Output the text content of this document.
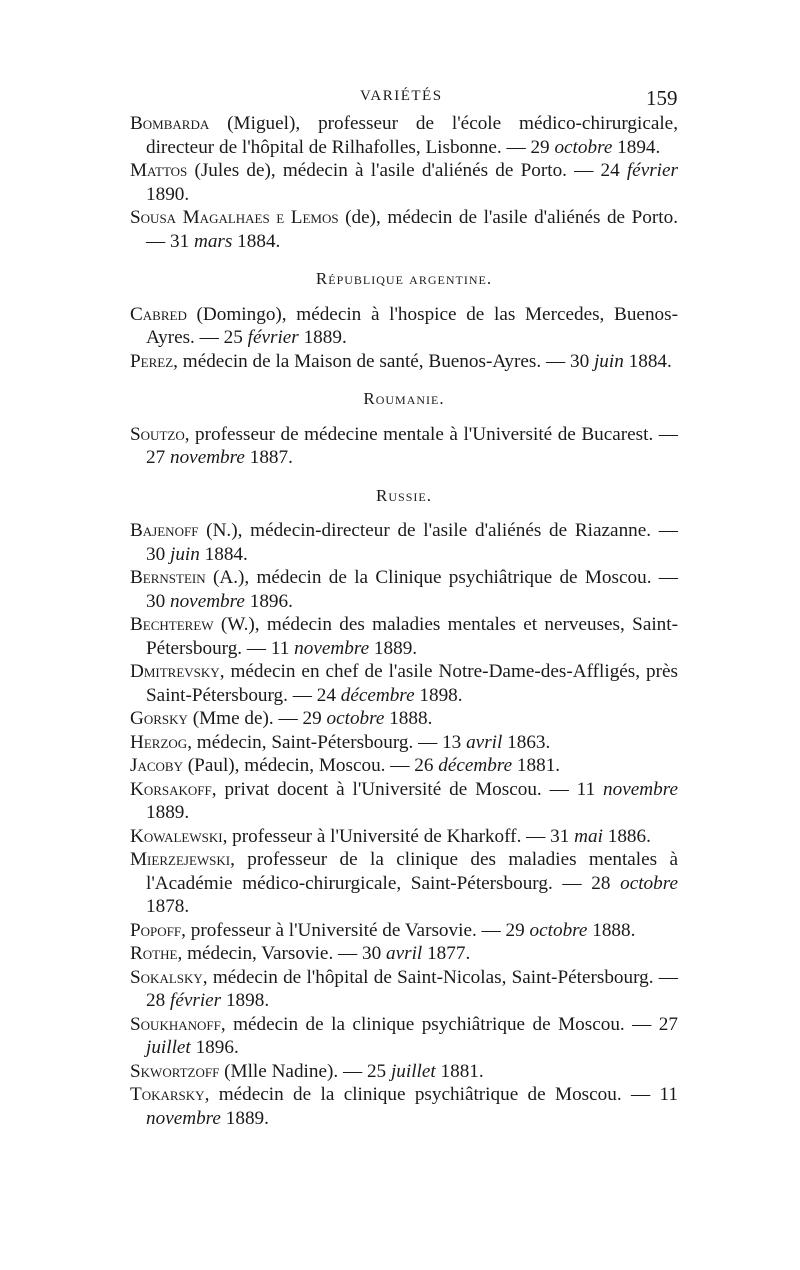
VARIÉTÉS	159

Bombarda (Miguel), professeur de l'école médico-chirurgicale, directeur de l'hôpital de Rilhafolles, Lisbonne. — 29 octobre 1894.

Mattos (Jules de), médecin à l'asile d'aliénés de Porto. — 24 février 1890.

Sousa Magalhaes e Lemos (de), médecin de l'asile d'aliénés de Porto. — 31 mars 1884.

République argentine.

Cabred (Domingo), médecin à l'hospice de las Mercedes, Buenos-Ayres. — 25 février 1889.

Perez, médecin de la Maison de santé, Buenos-Ayres. — 30 juin 1884.

Roumanie.

Soutzo, professeur de médecine mentale à l'Université de Bucarest. — 27 novembre 1887.

Russie.

Bajenoff (N.), médecin-directeur de l'asile d'aliénés de Riazanne. — 30 juin 1884.

Bernstein (A.), médecin de la Clinique psychiâtrique de Moscou. — 30 novembre 1896.

Bechterew (W.), médecin des maladies mentales et nerveuses, Saint-Pétersbourg. — 11 novembre 1889.

Dmitrevsky, médecin en chef de l'asile Notre-Dame-des-Affligés, près Saint-Pétersbourg. — 24 décembre 1898.

Gorsky (Mme de). — 29 octobre 1888.

Herzog, médecin, Saint-Pétersbourg. — 13 avril 1863.

Jacoby (Paul), médecin, Moscou. — 26 décembre 1881.

Korsakoff, privat docent à l'Université de Moscou. — 11 novembre 1889.

Kowalewski, professeur à l'Université de Kharkoff. — 31 mai 1886.

Mierzejewski, professeur de la clinique des maladies mentales à l'Académie médico-chirurgicale, Saint-Pétersbourg. — 28 octobre 1878.

Popoff, professeur à l'Université de Varsovie. — 29 octobre 1888.

Rothe, médecin, Varsovie. — 30 avril 1877.

Sokalsky, médecin de l'hôpital de Saint-Nicolas, Saint-Pétersbourg. — 28 février 1898.

Soukhanoff, médecin de la clinique psychiâtrique de Moscou. — 27 juillet 1896.

Skwortzoff (Mlle Nadine). — 25 juillet 1881.

Tokarsky, médecin de la clinique psychiâtrique de Moscou. — 11 novembre 1889.
